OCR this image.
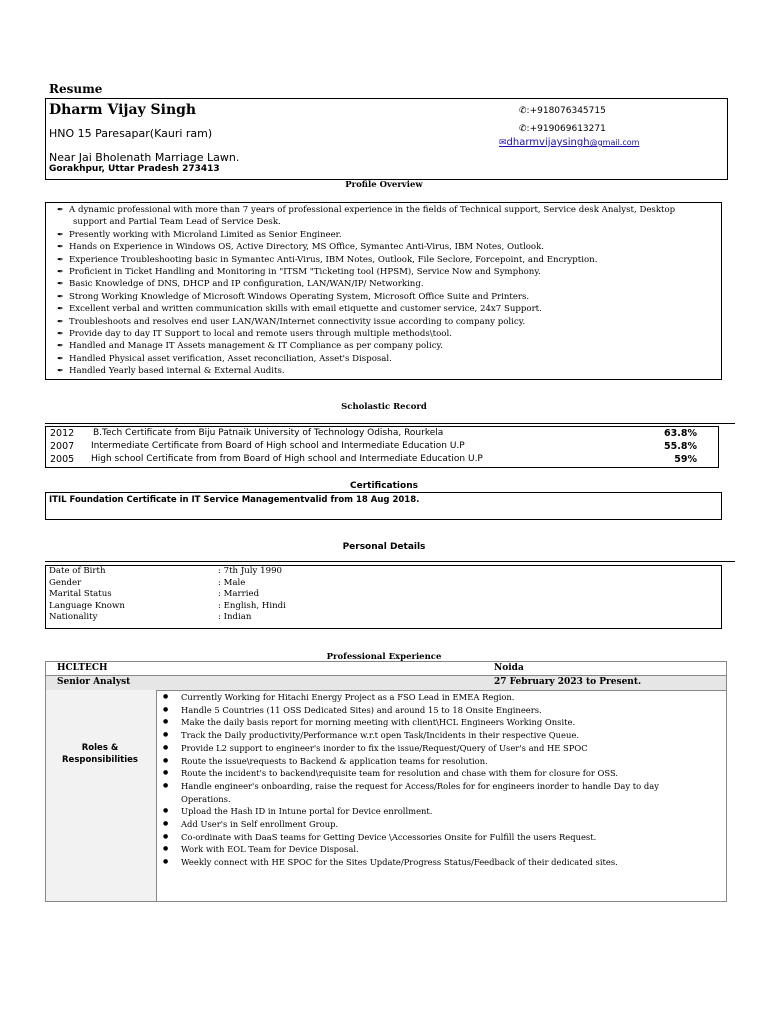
Resume
Dharm Vijay Singh
HNO 15 Paresapar(Kauri ram)
Near Jai Bholenath Marriage Lawn.
Gorakhpur, Uttar Pradesh 273413
✆:+918076345715
✆:+919069613271
✉dharmvijaysingh@gmail.com
Profile Overview
✒ A dynamic professional with more than 7 years of professional experience in the fields of Technical support, Service desk Analyst, Desktop
support and Partial Team Lead of Service Desk.
✒ Presently working with Microland Limited as Senior Engineer.
✒ Hands on Experience in Windows OS, Active Directory, MS Office, Symantec Anti-Virus, IBM Notes, Outlook.
✒ Experience Troubleshooting basic in Symantec Anti-Virus, IBM Notes, Outlook, File Seclore, Forcepoint, and Encryption.
✒ Proficient in Ticket Handling and Monitoring in "ITSM "Ticketing tool (HPSM), Service Now and Symphony.
✒ Basic Knowledge of DNS, DHCP and IP configuration, LAN/WAN/IP/ Networking.
✒ Strong Working Knowledge of Microsoft Windows Operating System, Microsoft Office Suite and Printers.
✒ Excellent verbal and written communication skills with email etiquette and customer service, 24x7 Support.
✒ Troubleshoots and resolves end user LAN/WAN/Internet connectivity issue according to company policy.
✒ Provide day to day IT Support to local and remote users through multiple methods\tool.
✒ Handled and Manage IT Assets management & IT Compliance as per company policy.
✒ Handled Physical asset verification, Asset reconciliation, Asset's Disposal.
✒ Handled Yearly based internal & External Audits.
Scholastic Record
2012 B.Tech Certificate from Biju Patnaik University of Technology Odisha, Rourkela	63.8%
2007 Intermediate Certificate from Board of High school and Intermediate Education U.P	55.8%
2005 High school Certificate from from Board of High school and Intermediate Education U.P	59%
Certifications
ITIL Foundation Certificate in IT Service Managementvalid from 18 Aug 2018.
Personal Details
Date of Birth	: 7th July 1990
Gender	: Male
Marital Status	: Married
Language Known	: English, Hindi
Nationality	: Indian
Professional Experience
HCLTECH	Noida
Senior Analyst	27 February 2023 to Present.
Roles & Responsibilities
●	Currently Working for Hitachi Energy Project as a FSO Lead in EMEA Region.
●	Handle 5 Countries (11 OSS Dedicated Sites) and around 15 to 18 Onsite Engineers.
●	Make the daily basis report for morning meeting with client\HCL Engineers Working Onsite.
●	Track the Daily productivity/Performance w.r.t open Task/Incidents in their respective Queue.
●	Provide L2 support to engineer's inorder to fix the issue/Request/Query of User's and HE SPOC
●	Route the issue\requests to Backend & application teams for resolution.
●	Route the incident's to backend\requisite team for resolution and chase with them for closure for OSS.
●	Handle engineer's onboarding, raise the request for Access/Roles for for engineers inorder to handle Day to day Operations.
●	Upload the Hash ID in Intune portal for Device enrollment.
●	Add User's in Self enrollment Group.
●	Co-ordinate with DaaS teams for Getting Device \Accessories Onsite for Fulfill the users Request.
●	Work with EOL Team for Device Disposal.
●	Weekly connect with HE SPOC for the Sites Update/Progress Status/Feedback of their dedicated sites.
